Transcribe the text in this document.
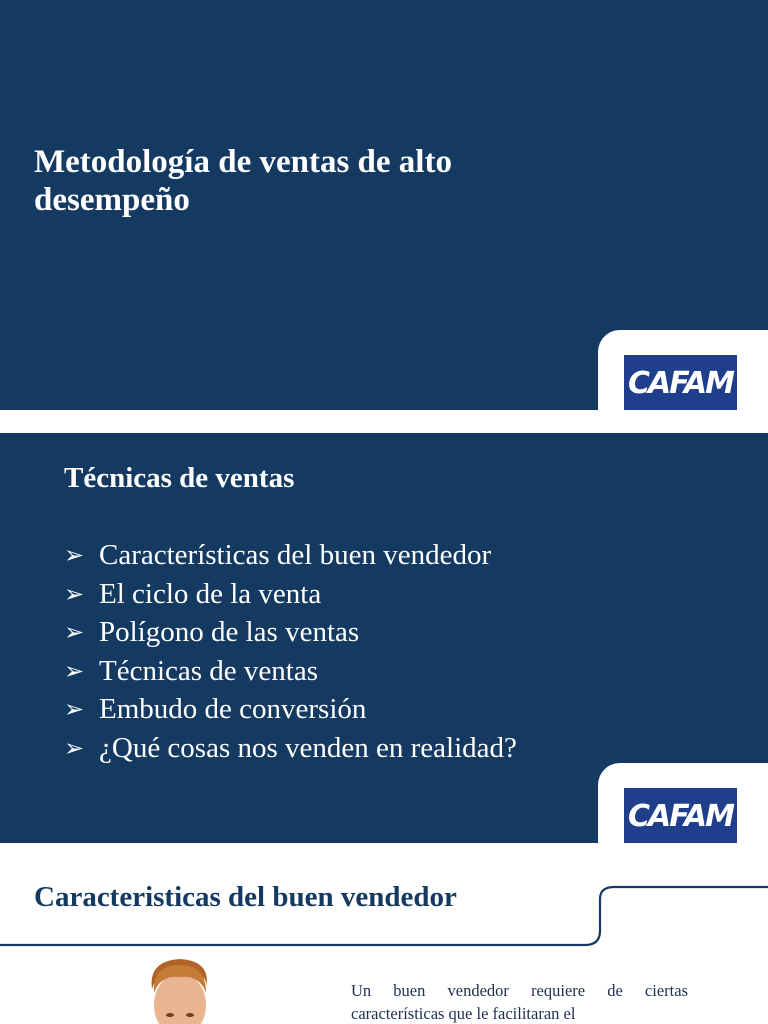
Metodología de ventas de alto desempeño
CAFAM
Técnicas de ventas
➢ Características del buen vendedor
➢ El ciclo de la venta
➢ Polígono de las ventas
➢ Técnicas de ventas
➢ Embudo de conversión
➢ ¿Qué cosas nos venden en realidad?
CAFAM
Caracteristicas del buen vendedor

Un buen vendedor requiere de ciertas características que le facilitaran el
